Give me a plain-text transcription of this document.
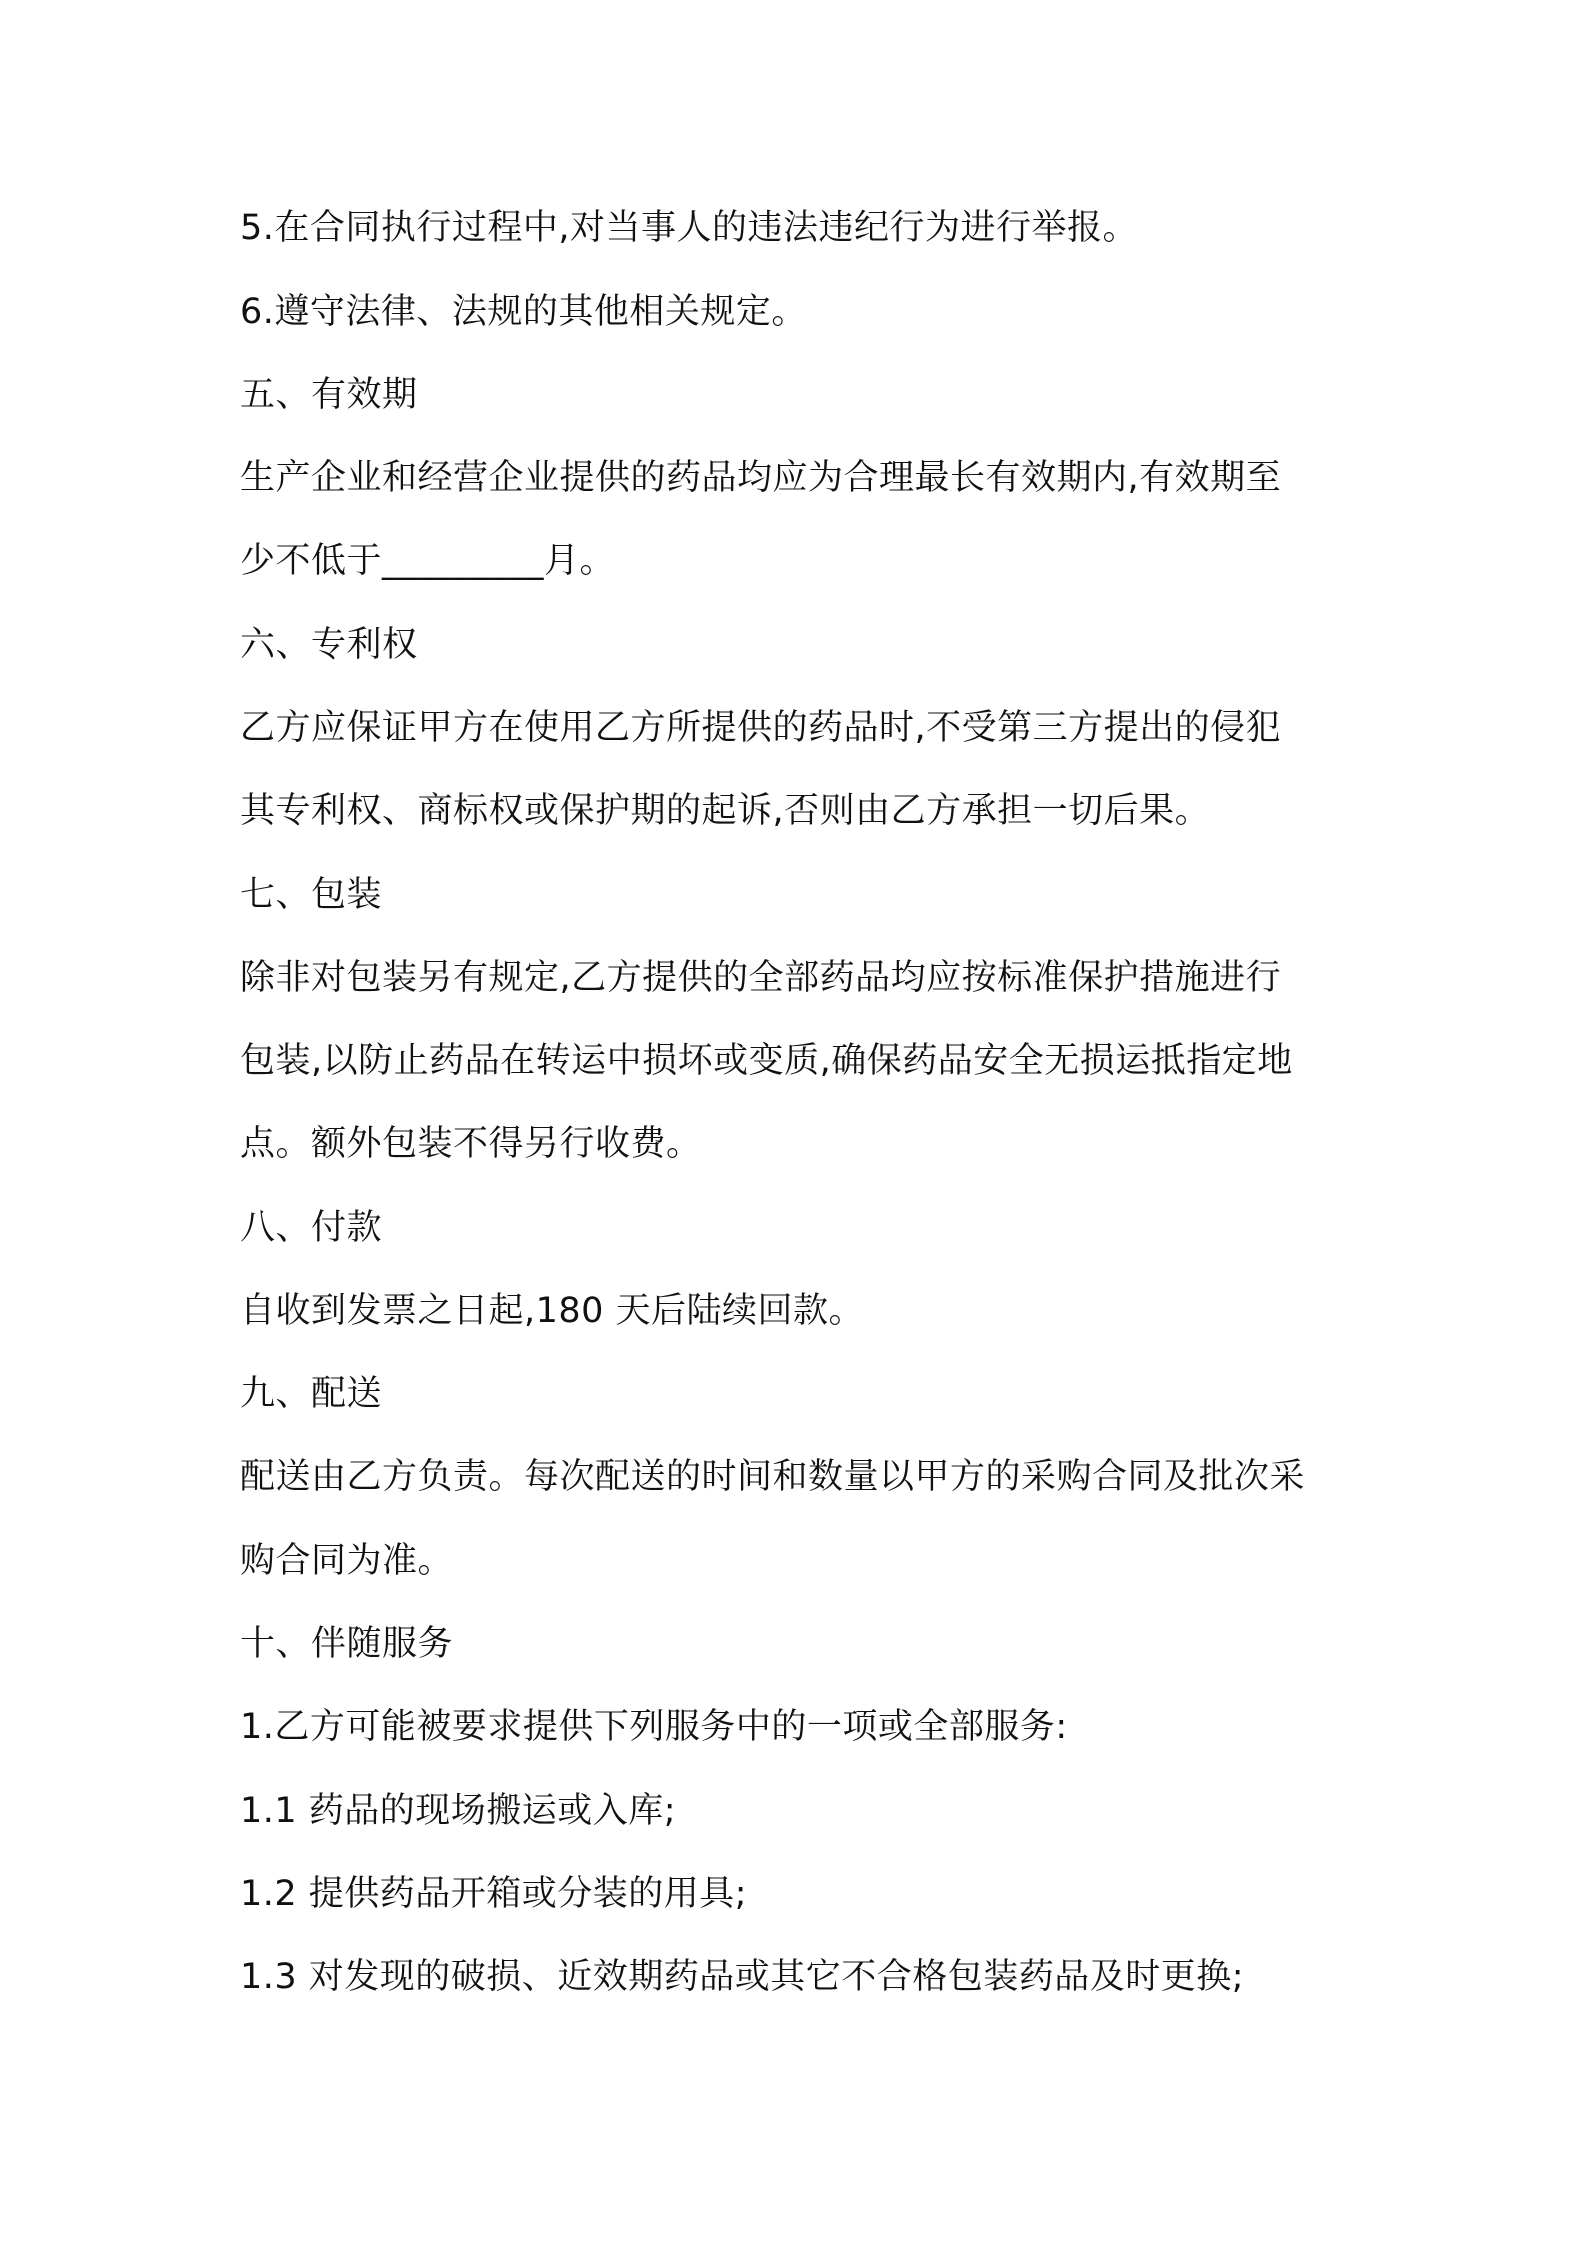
5.在合同执行过程中,对当事人的违法违纪行为进行举报。
6.遵守法律、法规的其他相关规定。
五、有效期
生产企业和经营企业提供的药品均应为合理最长有效期内,有效期至
少不低于_________月。
六、专利权
乙方应保证甲方在使用乙方所提供的药品时,不受第三方提出的侵犯
其专利权、商标权或保护期的起诉,否则由乙方承担一切后果。
七、包装
除非对包装另有规定,乙方提供的全部药品均应按标准保护措施进行
包装,以防止药品在转运中损坏或变质,确保药品安全无损运抵指定地
点。额外包装不得另行收费。
八、付款
自收到发票之日起,180 天后陆续回款。
九、配送
配送由乙方负责。每次配送的时间和数量以甲方的采购合同及批次采
购合同为准。
十、伴随服务
1.乙方可能被要求提供下列服务中的一项或全部服务:
1.1 药品的现场搬运或入库;
1.2 提供药品开箱或分装的用具;
1.3 对发现的破损、近效期药品或其它不合格包装药品及时更换;
